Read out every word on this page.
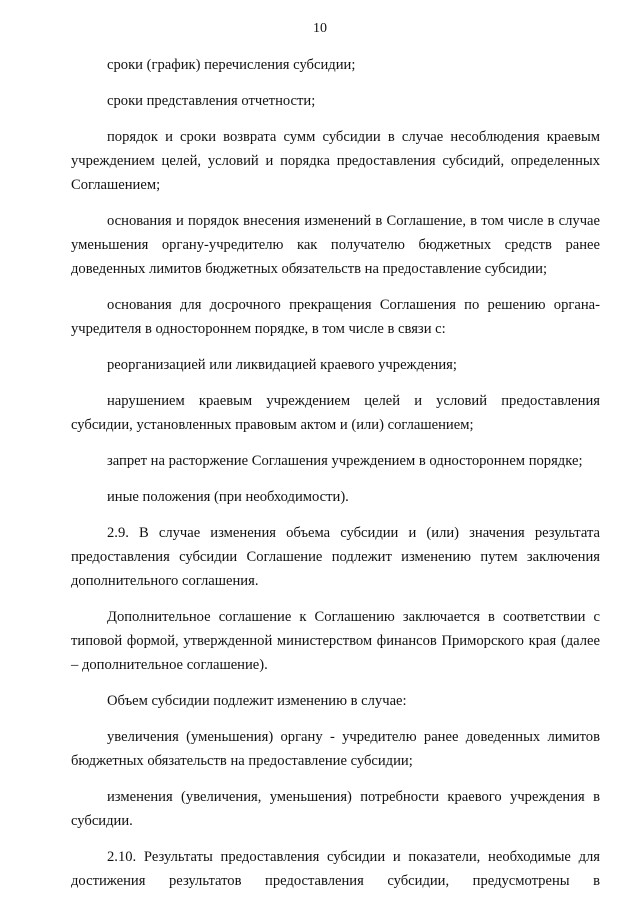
10

сроки (график) перечисления субсидии;

сроки представления отчетности;

порядок и сроки возврата сумм субсидии в случае несоблюдения краевым учреждением целей, условий и порядка предоставления субсидий, определенных Соглашением;

основания и порядок внесения изменений в Соглашение, в том числе в случае уменьшения органу-учредителю как получателю бюджетных средств ранее доведенных лимитов бюджетных обязательств на предоставление субсидии;

основания для досрочного прекращения Соглашения по решению органа-учредителя в одностороннем порядке, в том числе в связи с:

реорганизацией или ликвидацией краевого учреждения;

нарушением краевым учреждением целей и условий предоставления субсидии, установленных правовым актом и (или) соглашением;

запрет на расторжение Соглашения учреждением в одностороннем порядке;

иные положения (при необходимости).

2.9. В случае изменения объема субсидии и (или) значения результата предоставления субсидии Соглашение подлежит изменению путем заключения дополнительного соглашения.

Дополнительное соглашение к Соглашению заключается в соответствии с типовой формой, утвержденной министерством финансов Приморского края (далее – дополнительное соглашение).

Объем субсидии подлежит изменению в случае:

увеличения (уменьшения) органу - учредителю ранее доведенных лимитов бюджетных обязательств на предоставление субсидии;

изменения (увеличения, уменьшения) потребности краевого учреждения в субсидии.

2.10. Результаты предоставления субсидии и показатели, необходимые для достижения результатов предоставления субсидии, предусмотрены в
